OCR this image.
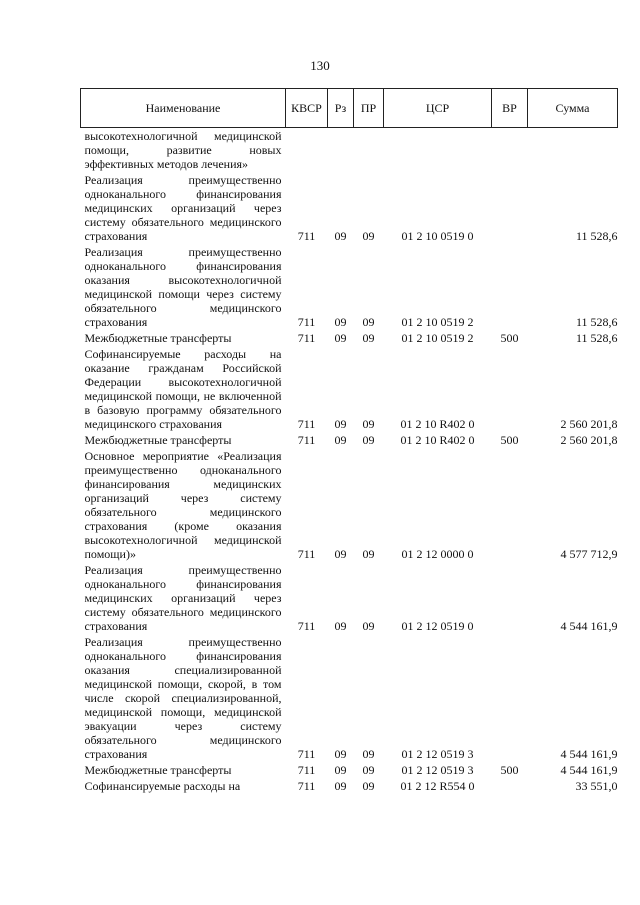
130
Наименование	КВСР	Рз	ПР	ЦСР	ВР	Сумма
высокотехнологичной медицинской помощи, развитие новых эффективных методов лечения»						
Реализация преимущественно одноканального финансирования медицинских организаций через систему обязательного медицинского страхования	711	09	09	01 2 10 0519 0		11 528,6
Реализация преимущественно одноканального финансирования оказания высокотехнологичной медицинской помощи через систему обязательного медицинского страхования	711	09	09	01 2 10 0519 2		11 528,6
Межбюджетные трансферты	711	09	09	01 2 10 0519 2	500	11 528,6
Софинансируемые расходы на оказание гражданам Российской Федерации высокотехнологичной медицинской помощи, не включенной в базовую программу обязательного медицинского страхования	711	09	09	01 2 10 R402 0		2 560 201,8
Межбюджетные трансферты	711	09	09	01 2 10 R402 0	500	2 560 201,8
Основное мероприятие «Реализация преимущественно одноканального финансирования медицинских организаций через систему обязательного медицинского страхования (кроме оказания высокотехнологичной медицинской помощи)»	711	09	09	01 2 12 0000 0		4 577 712,9
Реализация преимущественно одноканального финансирования медицинских организаций через систему обязательного медицинского страхования	711	09	09	01 2 12 0519 0		4 544 161,9
Реализация преимущественно одноканального финансирования оказания специализированной медицинской помощи, скорой, в том числе скорой специализированной, медицинской помощи, медицинской эвакуации через систему обязательного медицинского страхования	711	09	09	01 2 12 0519 3		4 544 161,9
Межбюджетные трансферты	711	09	09	01 2 12 0519 3	500	4 544 161,9
Софинансируемые расходы на	711	09	09	01 2 12 R554 0		33 551,0
